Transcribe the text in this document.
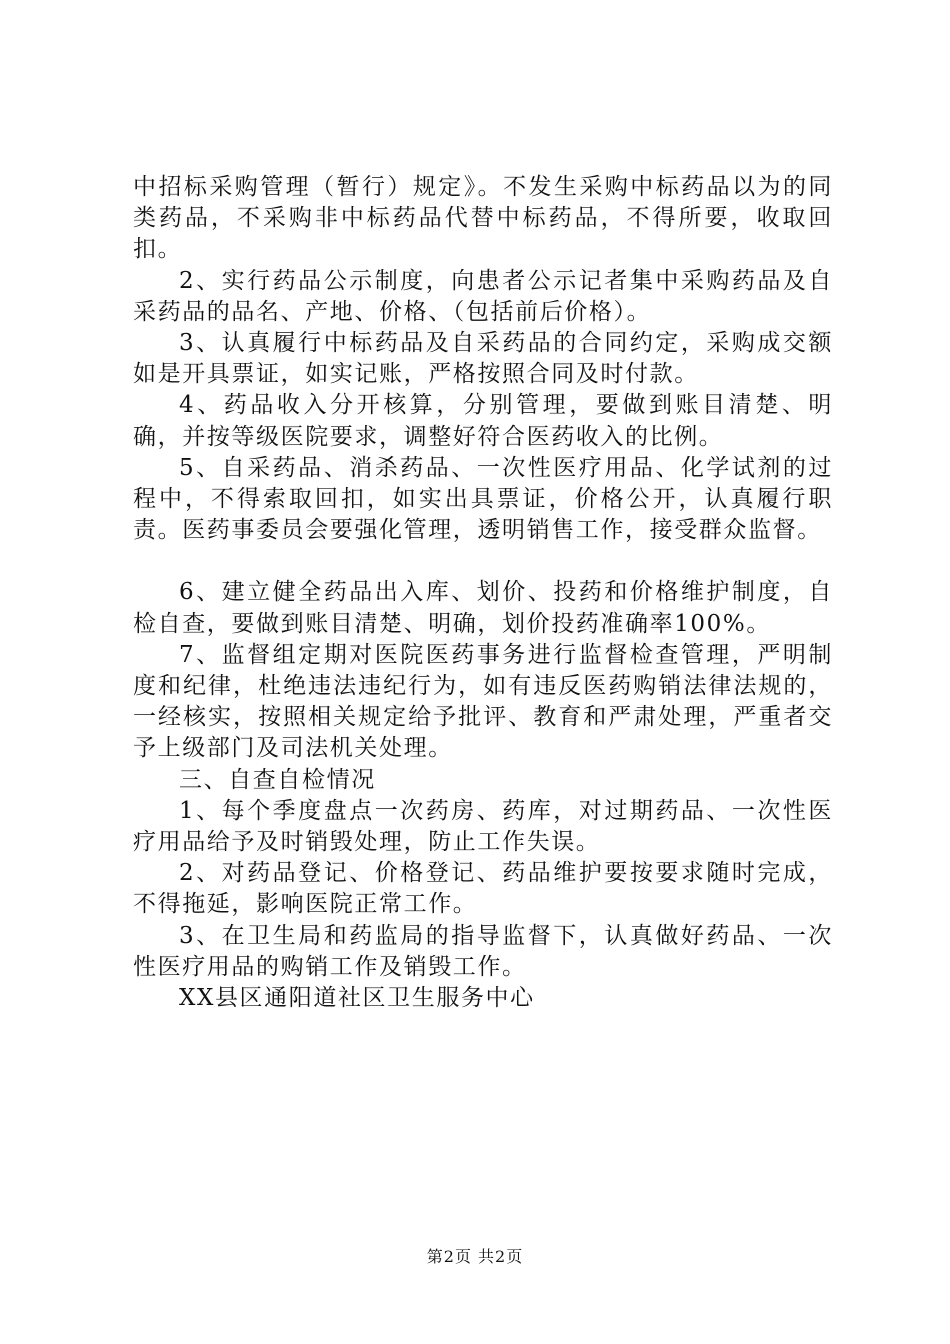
中招标采购管理（暂行）规定》。不发生采购中标药品以为的同类药品，不采购非中标药品代替中标药品，不得所要，收取回扣。

2、实行药品公示制度，向患者公示记者集中采购药品及自采药品的品名、产地、价格、（包括前后价格）。

3、认真履行中标药品及自采药品的合同约定，采购成交额如是开具票证，如实记账，严格按照合同及时付款。

4、药品收入分开核算，分别管理，要做到账目清楚、明确，并按等级医院要求，调整好符合医药收入的比例。

5、自采药品、消杀药品、一次性医疗用品、化学试剂的过程中，不得索取回扣，如实出具票证，价格公开，认真履行职责。医药事委员会要强化管理，透明销售工作，接受群众监督。

6、建立健全药品出入库、划价、投药和价格维护制度，自检自查，要做到账目清楚、明确，划价投药准确率100%。

7、监督组定期对医院医药事务进行监督检查管理，严明制度和纪律，杜绝违法违纪行为，如有违反医药购销法律法规的，一经核实，按照相关规定给予批评、教育和严肃处理，严重者交予上级部门及司法机关处理。

三、自查自检情况

1、每个季度盘点一次药房、药库，对过期药品、一次性医疗用品给予及时销毁处理，防止工作失误。

2、对药品登记、价格登记、药品维护要按要求随时完成，不得拖延，影响医院正常工作。

3、在卫生局和药监局的指导监督下，认真做好药品、一次性医疗用品的购销工作及销毁工作。

XX县区通阳道社区卫生服务中心

第2页 共2页
